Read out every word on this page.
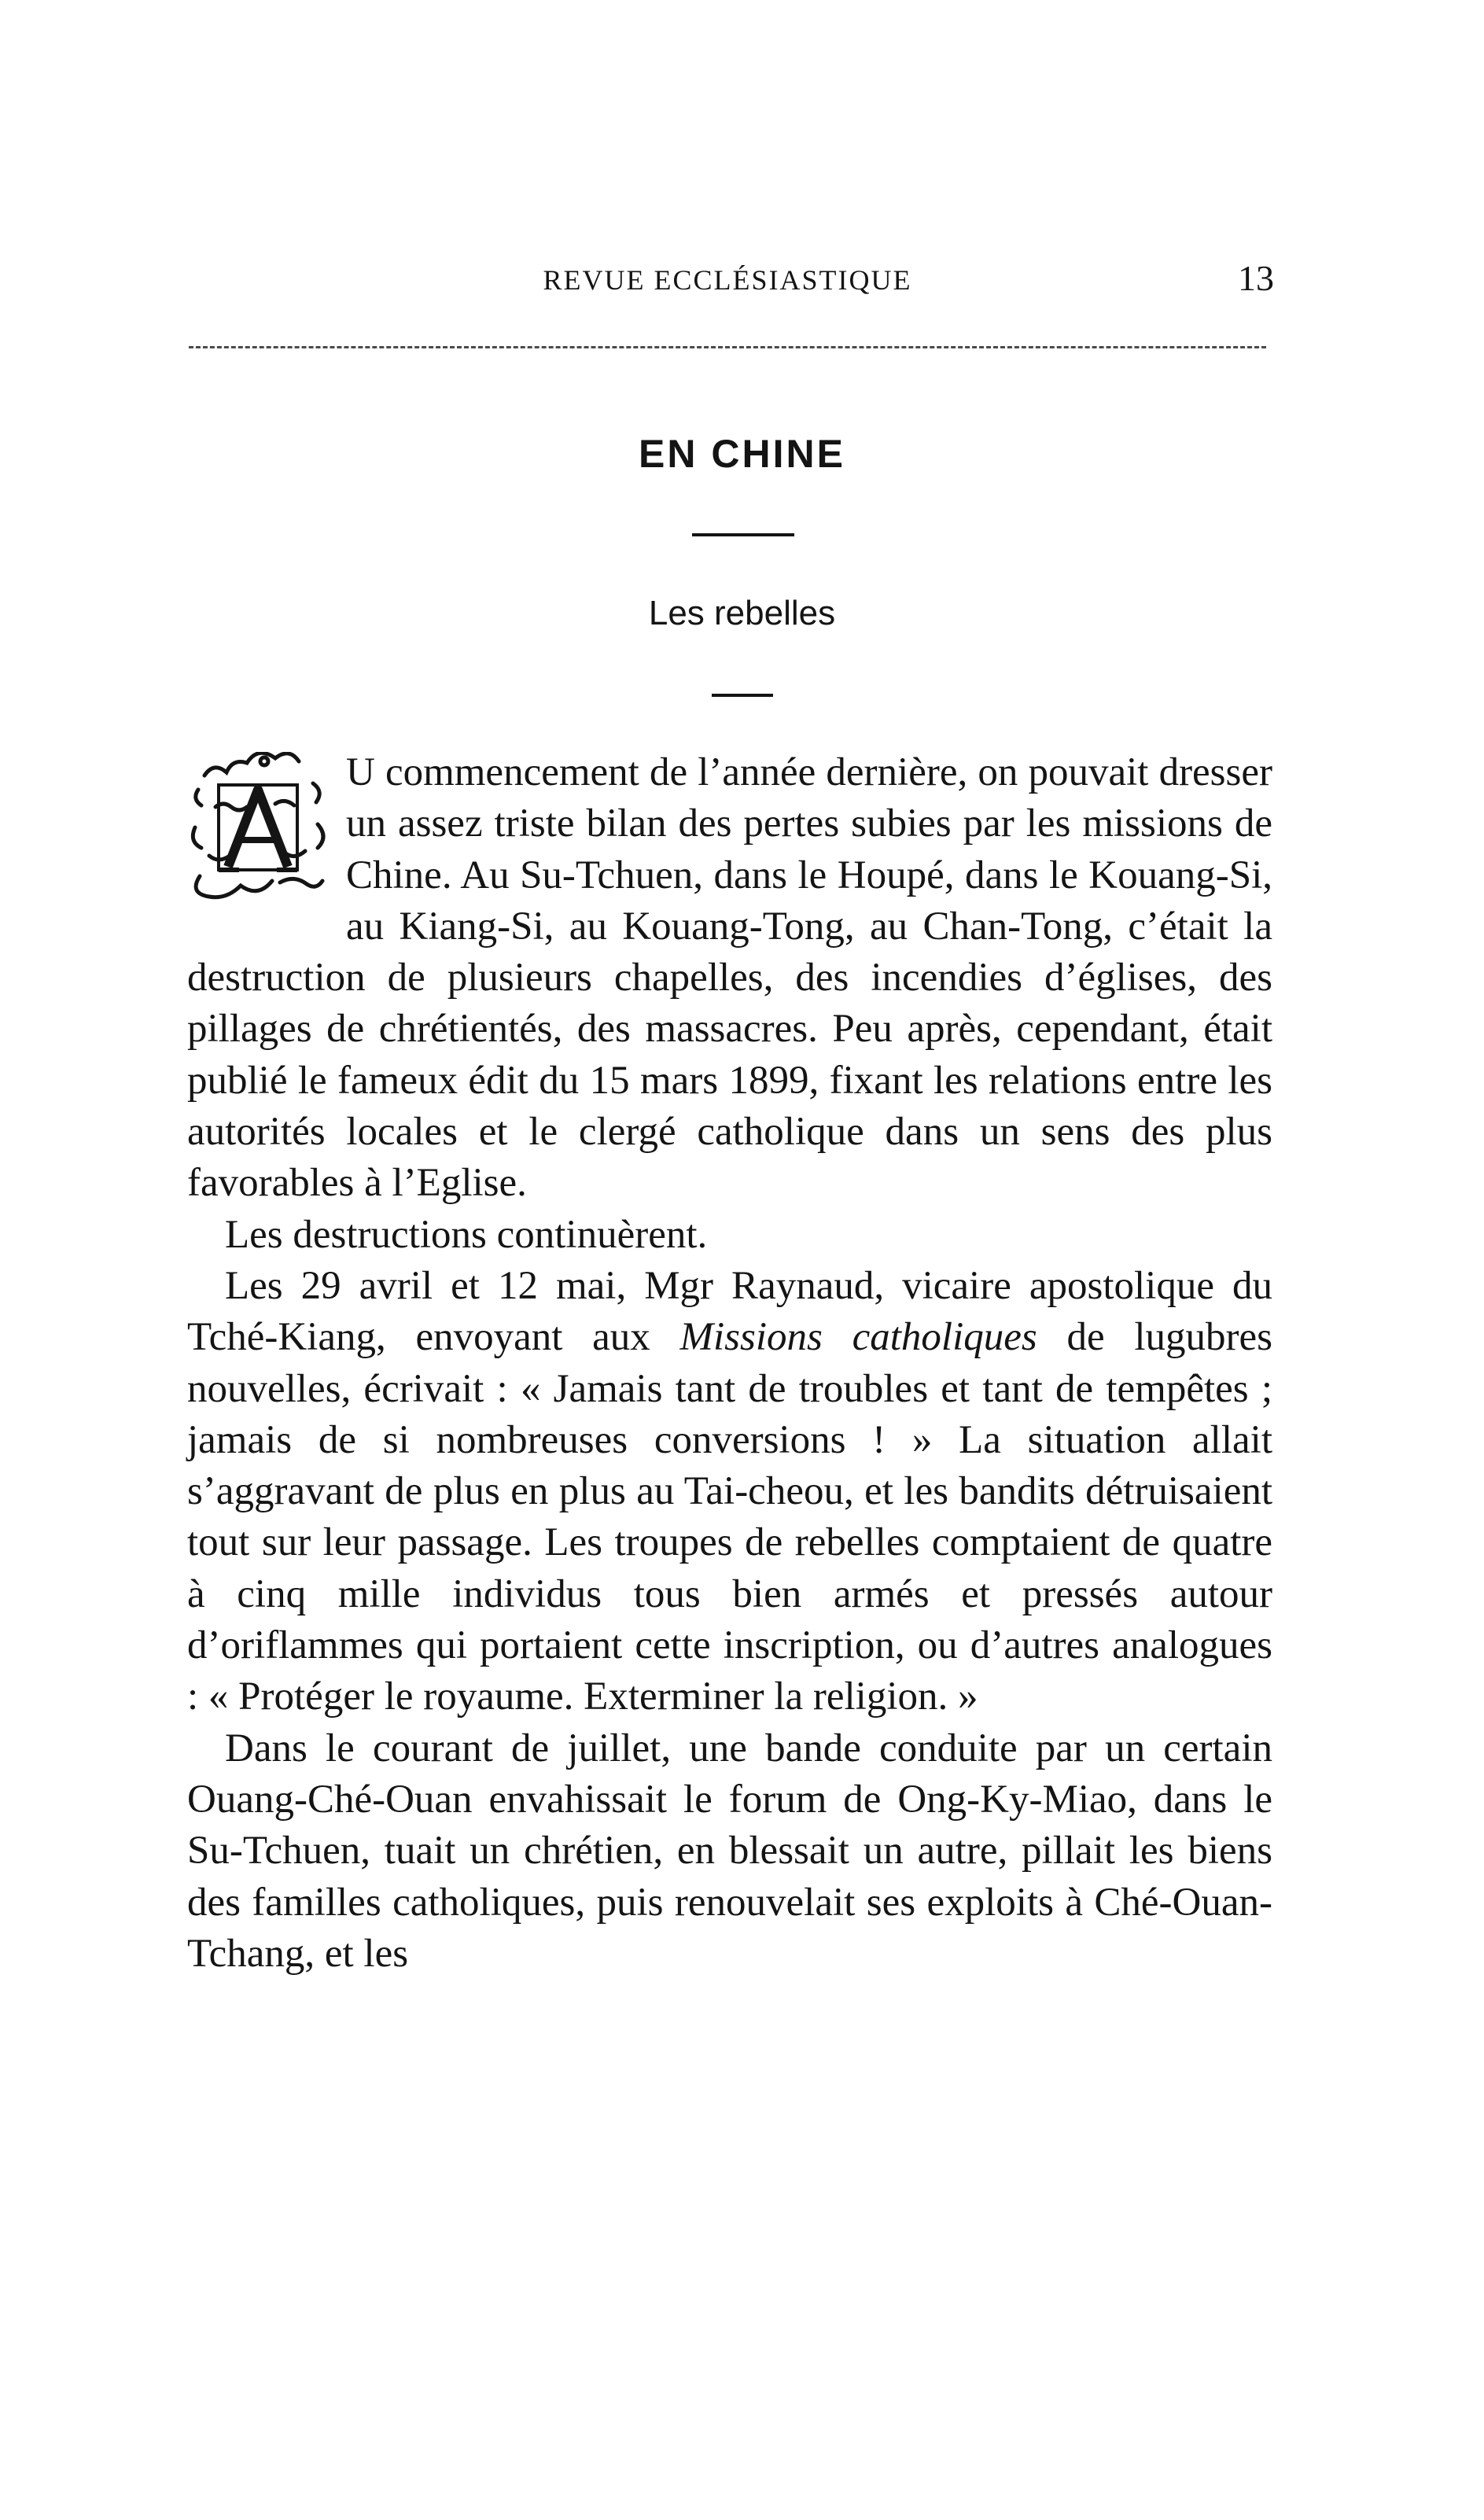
REVUE ECCLÉSIASTIQUE	13
EN CHINE
Les rebelles

U commencement de l’année dernière, on pouvait dresser un assez triste bilan des pertes subies par les missions de Chine. Au Su-Tchuen, dans le Houpé, dans le Kouang-Si, au Kiang-Si, au Kouang-Tong, au Chan-Tong, c’était la destruction de plusieurs chapelles, des incendies d’églises, des pillages de chrétientés, des massacres. Peu après, cependant, était publié le fameux édit du 15 mars 1899, fixant les relations entre les autorités locales et le clergé catholique dans un sens des plus favorables à l’Eglise.

Les destructions continuèrent.

Les 29 avril et 12 mai, Mgr Raynaud, vicaire apostolique du Tché-Kiang, envoyant aux Missions catholiques de lugubres nouvelles, écrivait : « Jamais tant de troubles et tant de tempêtes ; jamais de si nombreuses conversions ! » La situation allait s’aggravant de plus en plus au Tai-cheou, et les bandits détruisaient tout sur leur passage. Les troupes de rebelles comptaient de quatre à cinq mille individus tous bien armés et pressés autour d’oriflammes qui portaient cette inscription, ou d’autres analogues : « Protéger le royaume. Exterminer la religion. »

Dans le courant de juillet, une bande conduite par un certain Ouang-Ché-Ouan envahissait le forum de Ong-Ky-Miao, dans le Su-Tchuen, tuait un chrétien, en blessait un autre, pillait les biens des familles catholiques, puis renouvelait ses exploits à Ché-Ouan-Tchang, et les
